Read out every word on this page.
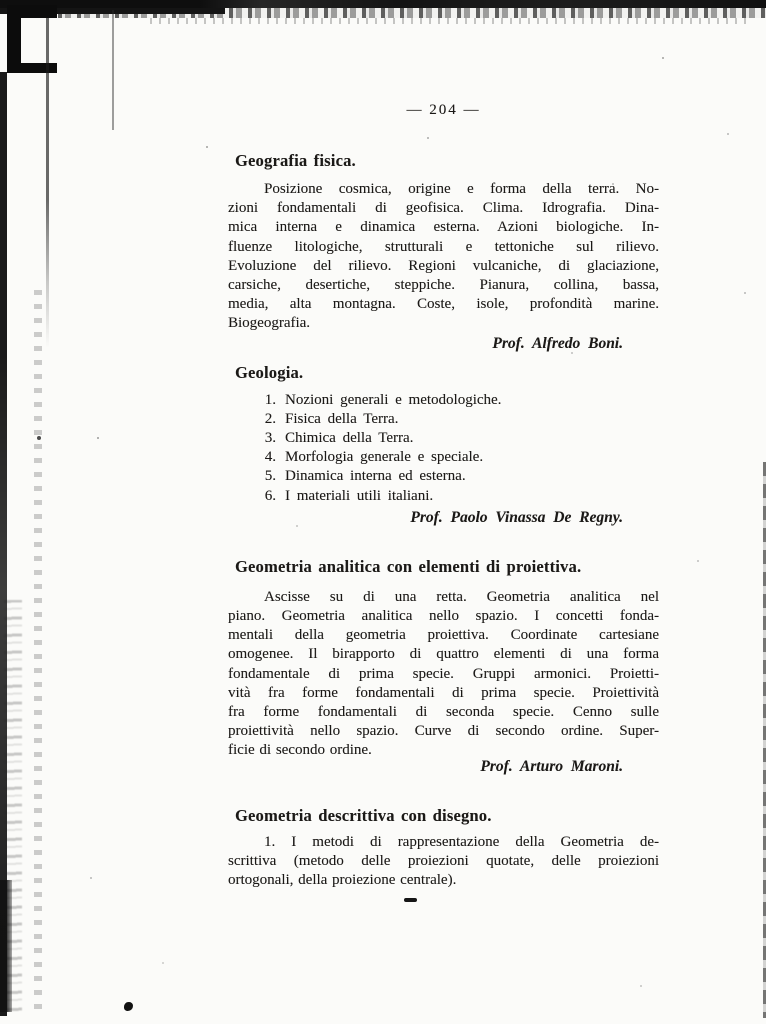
— 204 —
Geografia fisica.
Posizione cosmica, origine e forma della terra. No-
zioni fondamentali di geofisica. Clima. Idrografia. Dina-
mica interna e dinamica esterna. Azioni biologiche. In-
fluenze litologiche, strutturali e tettoniche sul rilievo.
Evoluzione del rilievo. Regioni vulcaniche, di glaciazione,
carsiche, desertiche, steppiche. Pianura, collina, bassa,
media, alta montagna. Coste, isole, profondità marine.
Biogeografia.
Prof. Alfredo Boni.
Geologia.
1. Nozioni generali e metodologiche.
2. Fisica della Terra.
3. Chimica della Terra.
4. Morfologia generale e speciale.
5. Dinamica interna ed esterna.
6. I materiali utili italiani.
Prof. Paolo Vinassa De Regny.
Geometria analitica con elementi di proiettiva.
Ascisse su di una retta. Geometria analitica nel
piano. Geometria analitica nello spazio. I concetti fonda-
mentali della geometria proiettiva. Coordinate cartesiane
omogenee. Il birapporto di quattro elementi di una forma
fondamentale di prima specie. Gruppi armonici. Proietti-
vità fra forme fondamentali di prima specie. Proiettività
fra forme fondamentali di seconda specie. Cenno sulle
proiettività nello spazio. Curve di secondo ordine. Super-
ficie di secondo ordine.
Prof. Arturo Maroni.
Geometria descrittiva con disegno.
1. I metodi di rappresentazione della Geometria de-
scrittiva (metodo delle proiezioni quotate, delle proiezioni
ortogonali, della proiezione centrale).
